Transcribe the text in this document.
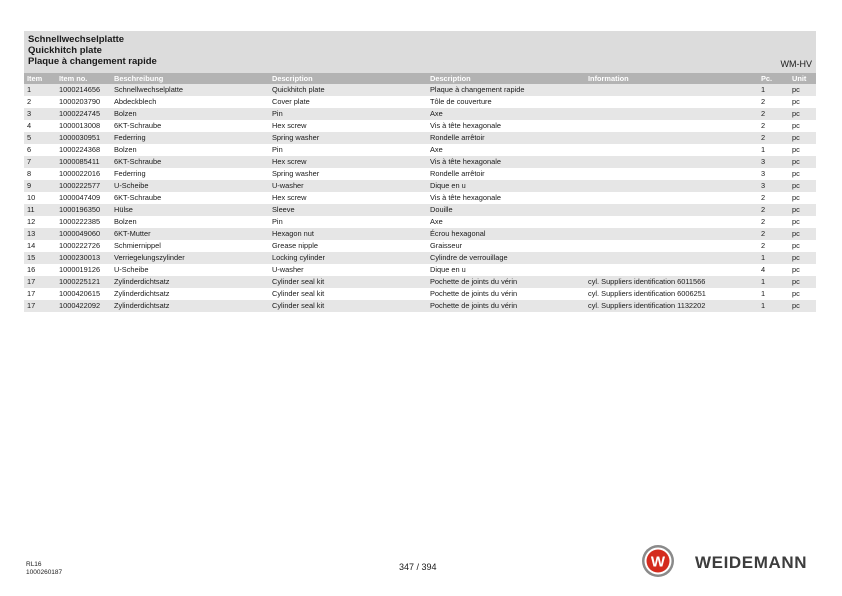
Schnellwechselplatte
Quickhitch plate
Plaque à changement rapide	WM-HV
Item	Item no.	Beschreibung	Description	Description	Information	Pc.	Unit
1	1000214656	Schnellwechselplatte	Quickhitch plate	Plaque à changement rapide		1	pc
2	1000203790	Abdeckblech	Cover plate	Tôle de couverture		2	pc
3	1000224745	Bolzen	Pin	Axe		2	pc
4	1000013008	6KT-Schraube	Hex screw	Vis à tête hexagonale		2	pc
5	1000030951	Federring	Spring washer	Rondelle arrêtoir		2	pc
6	1000224368	Bolzen	Pin	Axe		1	pc
7	1000085411	6KT-Schraube	Hex screw	Vis à tête hexagonale		3	pc
8	1000022016	Federring	Spring washer	Rondelle arrêtoir		3	pc
9	1000222577	U-Scheibe	U-washer	Dique en u		3	pc
10	1000047409	6KT-Schraube	Hex screw	Vis à tête hexagonale		2	pc
11	1000196350	Hülse	Sleeve	Douille		2	pc
12	1000222385	Bolzen	Pin	Axe		2	pc
13	1000049060	6KT-Mutter	Hexagon nut	Écrou hexagonal		2	pc
14	1000222726	Schmiernippel	Grease nipple	Graisseur		2	pc
15	1000230013	Verriegelungszylinder	Locking cylinder	Cylindre de verrouillage		1	pc
16	1000019126	U-Scheibe	U-washer	Dique en u		4	pc
17	1000225121	Zylinderdichtsatz	Cylinder seal kit	Pochette de joints du vérin	cyl. Suppliers identification 6011566	1	pc
17	1000420615	Zylinderdichtsatz	Cylinder seal kit	Pochette de joints du vérin	cyl. Suppliers identification 6006251	1	pc
17	1000422092	Zylinderdichtsatz	Cylinder seal kit	Pochette de joints du vérin	cyl. Suppliers identification 1132202	1	pc
RL16
1000260187
347 / 394	W WEIDEMANN
